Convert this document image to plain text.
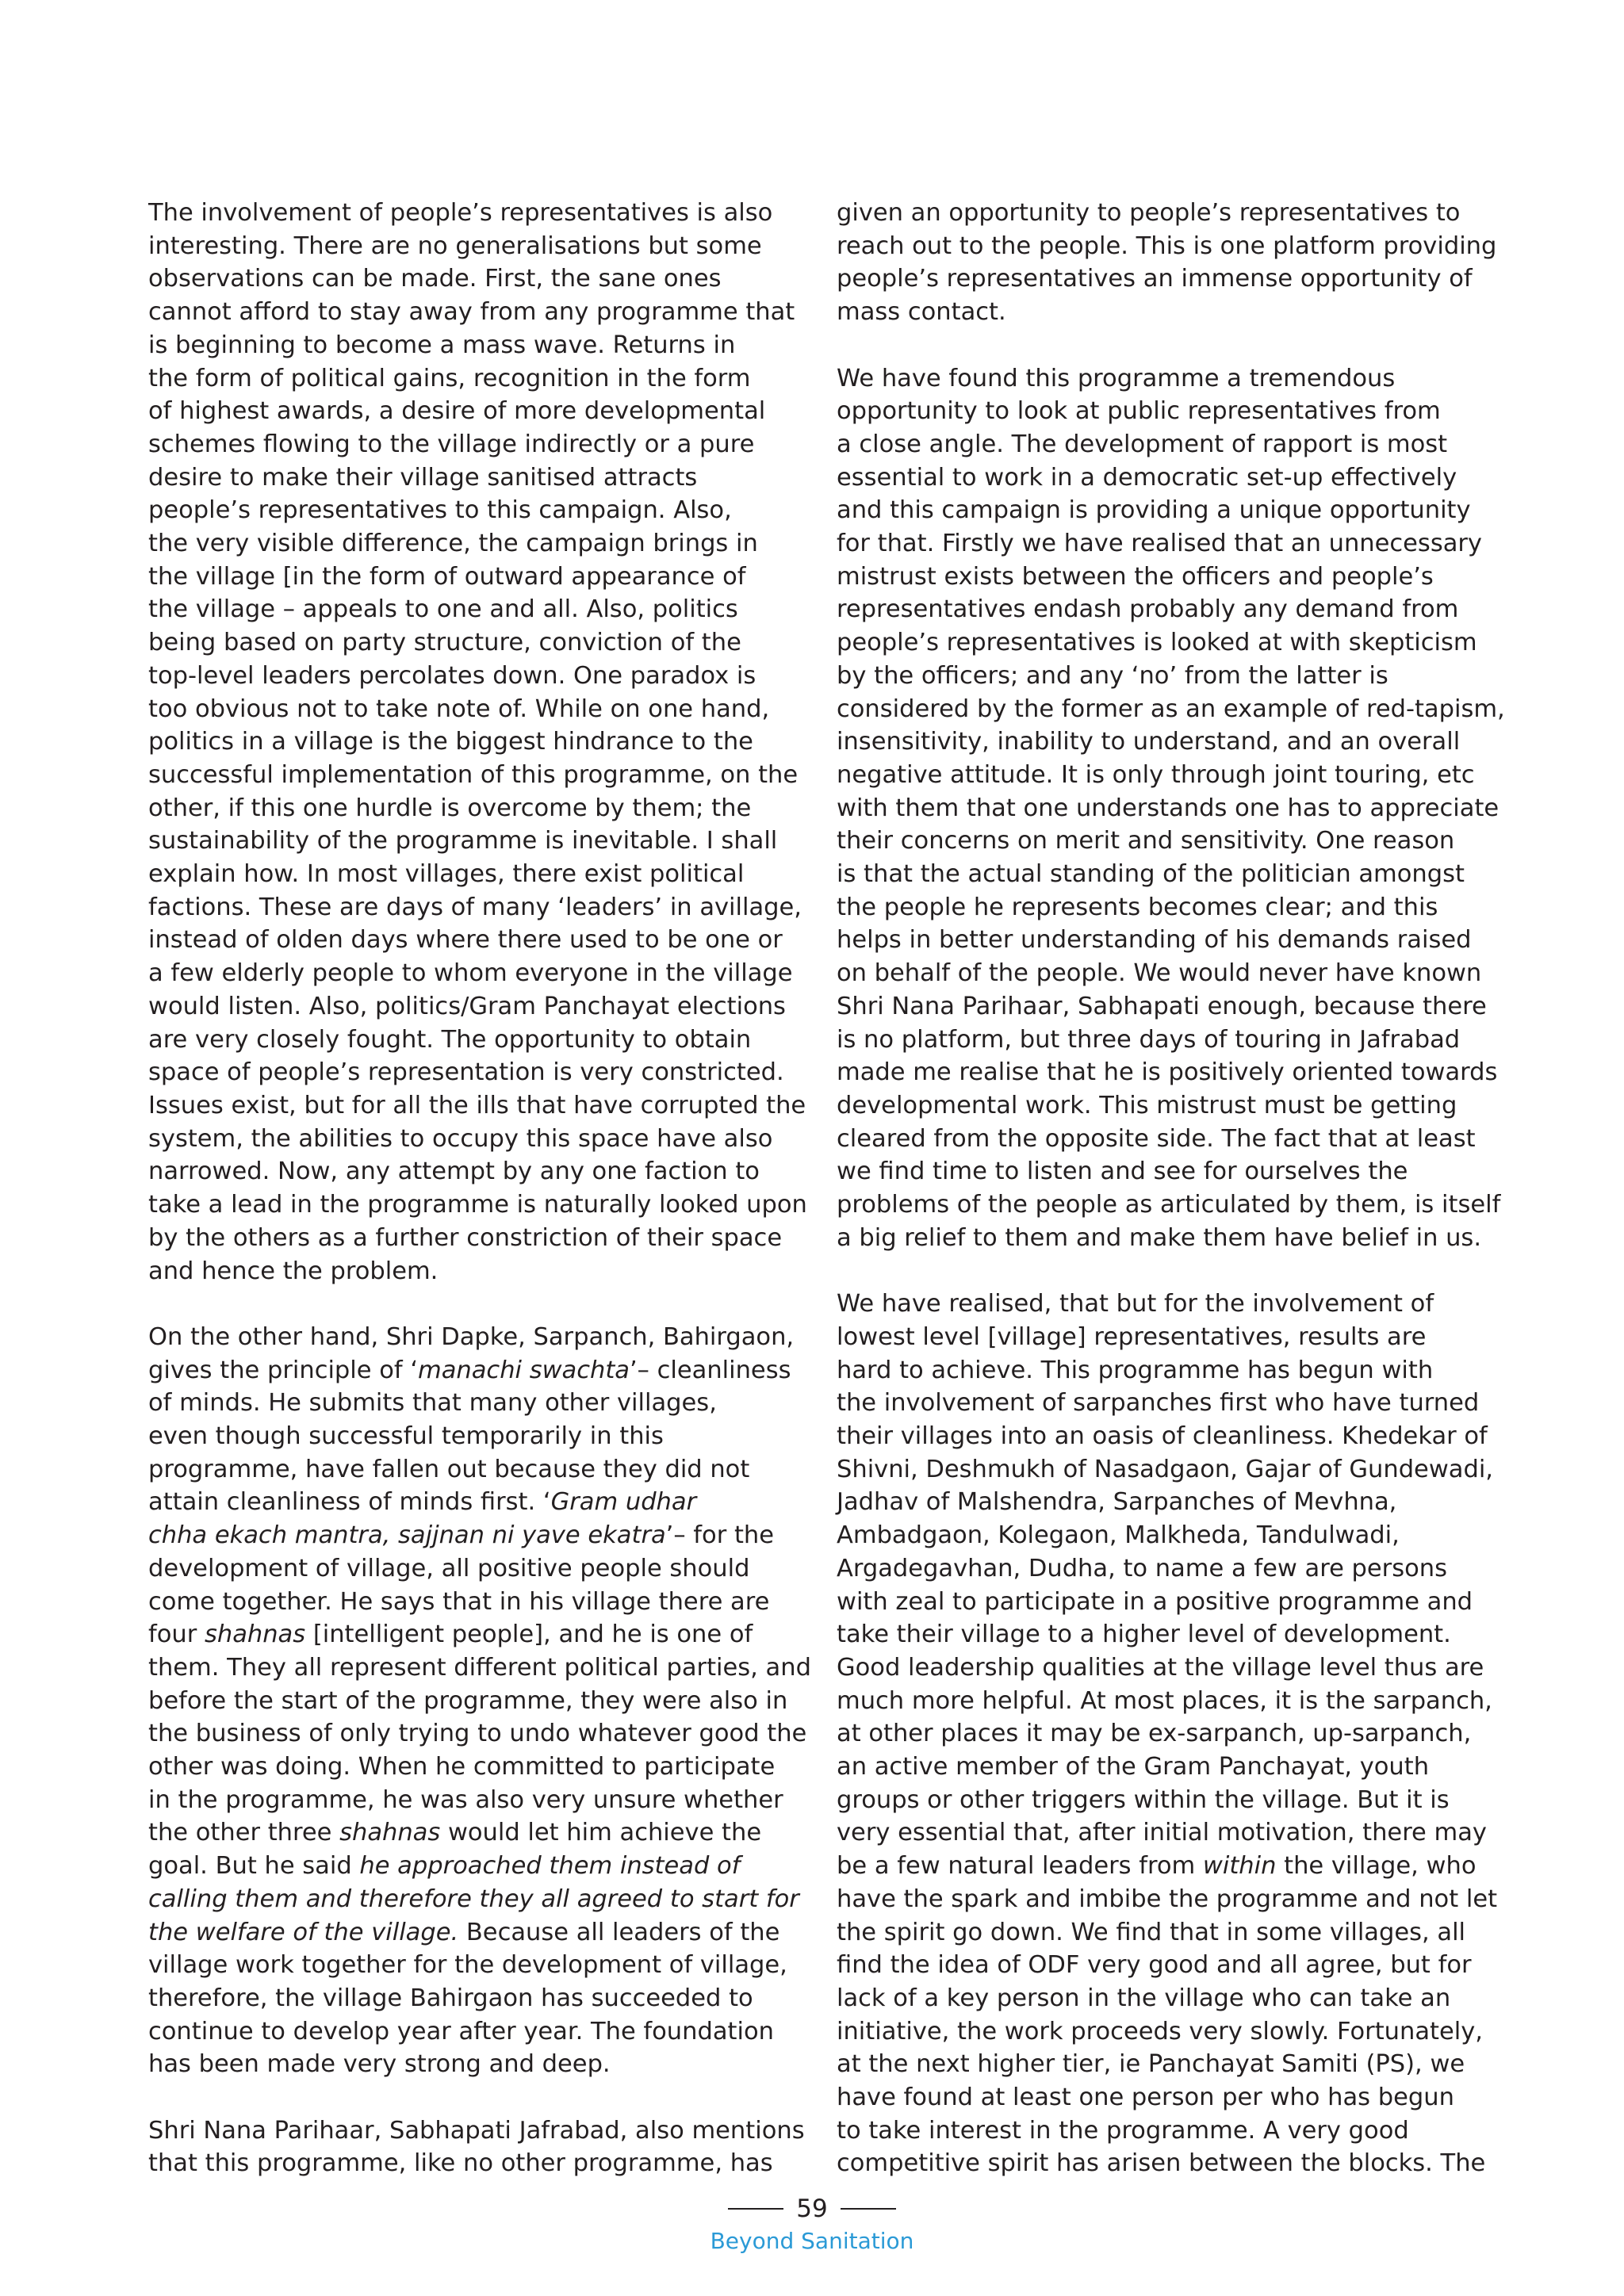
The involvement of people’s representatives is also
interesting. There are no generalisations but some
observations can be made. First, the sane ones
cannot afford to stay away from any programme that
is beginning to become a mass wave. Returns in
the form of political gains, recognition in the form
of highest awards, a desire of more developmental
schemes flowing to the village indirectly or a pure
desire to make their village sanitised attracts
people’s representatives to this campaign. Also,
the very visible difference, the campaign brings in
the village [in the form of outward appearance of
the village – appeals to one and all. Also, politics
being based on party structure, conviction of the
top-level leaders percolates down. One paradox is
too obvious not to take note of. While on one hand,
politics in a village is the biggest hindrance to the
successful implementation of this programme, on the
other, if this one hurdle is overcome by them; the
sustainability of the programme is inevitable. I shall
explain how. In most villages, there exist political
factions. These are days of many ‘leaders’ in avillage,
instead of olden days where there used to be one or
a few elderly people to whom everyone in the village
would listen. Also, politics/Gram Panchayat elections
are very closely fought. The opportunity to obtain
space of people’s representation is very constricted.
Issues exist, but for all the ills that have corrupted the
system, the abilities to occupy this space have also
narrowed. Now, any attempt by any one faction to
take a lead in the programme is naturally looked upon
by the others as a further constriction of their space
and hence the problem.

On the other hand, Shri Dapke, Sarpanch, Bahirgaon,
gives the principle of ‘manachi swachta’– cleanliness
of minds. He submits that many other villages,
even though successful temporarily in this
programme, have fallen out because they did not
attain cleanliness of minds first. ‘Gram udhar
chha ekach mantra, sajjnan ni yave ekatra’– for the
development of village, all positive people should
come together. He says that in his village there are
four shahnas [intelligent people], and he is one of
them. They all represent different political parties, and
before the start of the programme, they were also in
the business of only trying to undo whatever good the
other was doing. When he committed to participate
in the programme, he was also very unsure whether
the other three shahnas would let him achieve the
goal. But he said he approached them instead of
calling them and therefore they all agreed to start for
the welfare of the village. Because all leaders of the
village work together for the development of village,
therefore, the village Bahirgaon has succeeded to
continue to develop year after year. The foundation
has been made very strong and deep.

Shri Nana Parihaar, Sabhapati Jafrabad, also mentions
that this programme, like no other programme, has

given an opportunity to people’s representatives to
reach out to the people. This is one platform providing
people’s representatives an immense opportunity of
mass contact.

We have found this programme a tremendous
opportunity to look at public representatives from
a close angle. The development of rapport is most
essential to work in a democratic set-up effectively
and this campaign is providing a unique opportunity
for that. Firstly we have realised that an unnecessary
mistrust exists between the officers and people’s
representatives endash probably any demand from
people’s representatives is looked at with skepticism
by the officers; and any ‘no’ from the latter is
considered by the former as an example of red-tapism,
insensitivity, inability to understand, and an overall
negative attitude. It is only through joint touring, etc
with them that one understands one has to appreciate
their concerns on merit and sensitivity. One reason
is that the actual standing of the politician amongst
the people he represents becomes clear; and this
helps in better understanding of his demands raised
on behalf of the people. We would never have known
Shri Nana Parihaar, Sabhapati enough, because there
is no platform, but three days of touring in Jafrabad
made me realise that he is positively oriented towards
developmental work. This mistrust must be getting
cleared from the opposite side. The fact that at least
we find time to listen and see for ourselves the
problems of the people as articulated by them, is itself
a big relief to them and make them have belief in us.

We have realised, that but for the involvement of
lowest level [village] representatives, results are
hard to achieve. This programme has begun with
the involvement of sarpanches first who have turned
their villages into an oasis of cleanliness. Khedekar of
Shivni, Deshmukh of Nasadgaon, Gajar of Gundewadi,
Jadhav of Malshendra, Sarpanches of Mevhna,
Ambadgaon, Kolegaon, Malkheda, Tandulwadi,
Argadegavhan, Dudha, to name a few are persons
with zeal to participate in a positive programme and
take their village to a higher level of development.
Good leadership qualities at the village level thus are
much more helpful. At most places, it is the sarpanch,
at other places it may be ex-sarpanch, up-sarpanch,
an active member of the Gram Panchayat, youth
groups or other triggers within the village. But it is
very essential that, after initial motivation, there may
be a few natural leaders from within the village, who
have the spark and imbibe the programme and not let
the spirit go down. We find that in some villages, all
find the idea of ODF very good and all agree, but for
lack of a key person in the village who can take an
initiative, the work proceeds very slowly. Fortunately,
at the next higher tier, ie Panchayat Samiti (PS), we
have found at least one person per who has begun
to take interest in the programme. A very good
competitive spirit has arisen between the blocks. The

59
Beyond Sanitation
